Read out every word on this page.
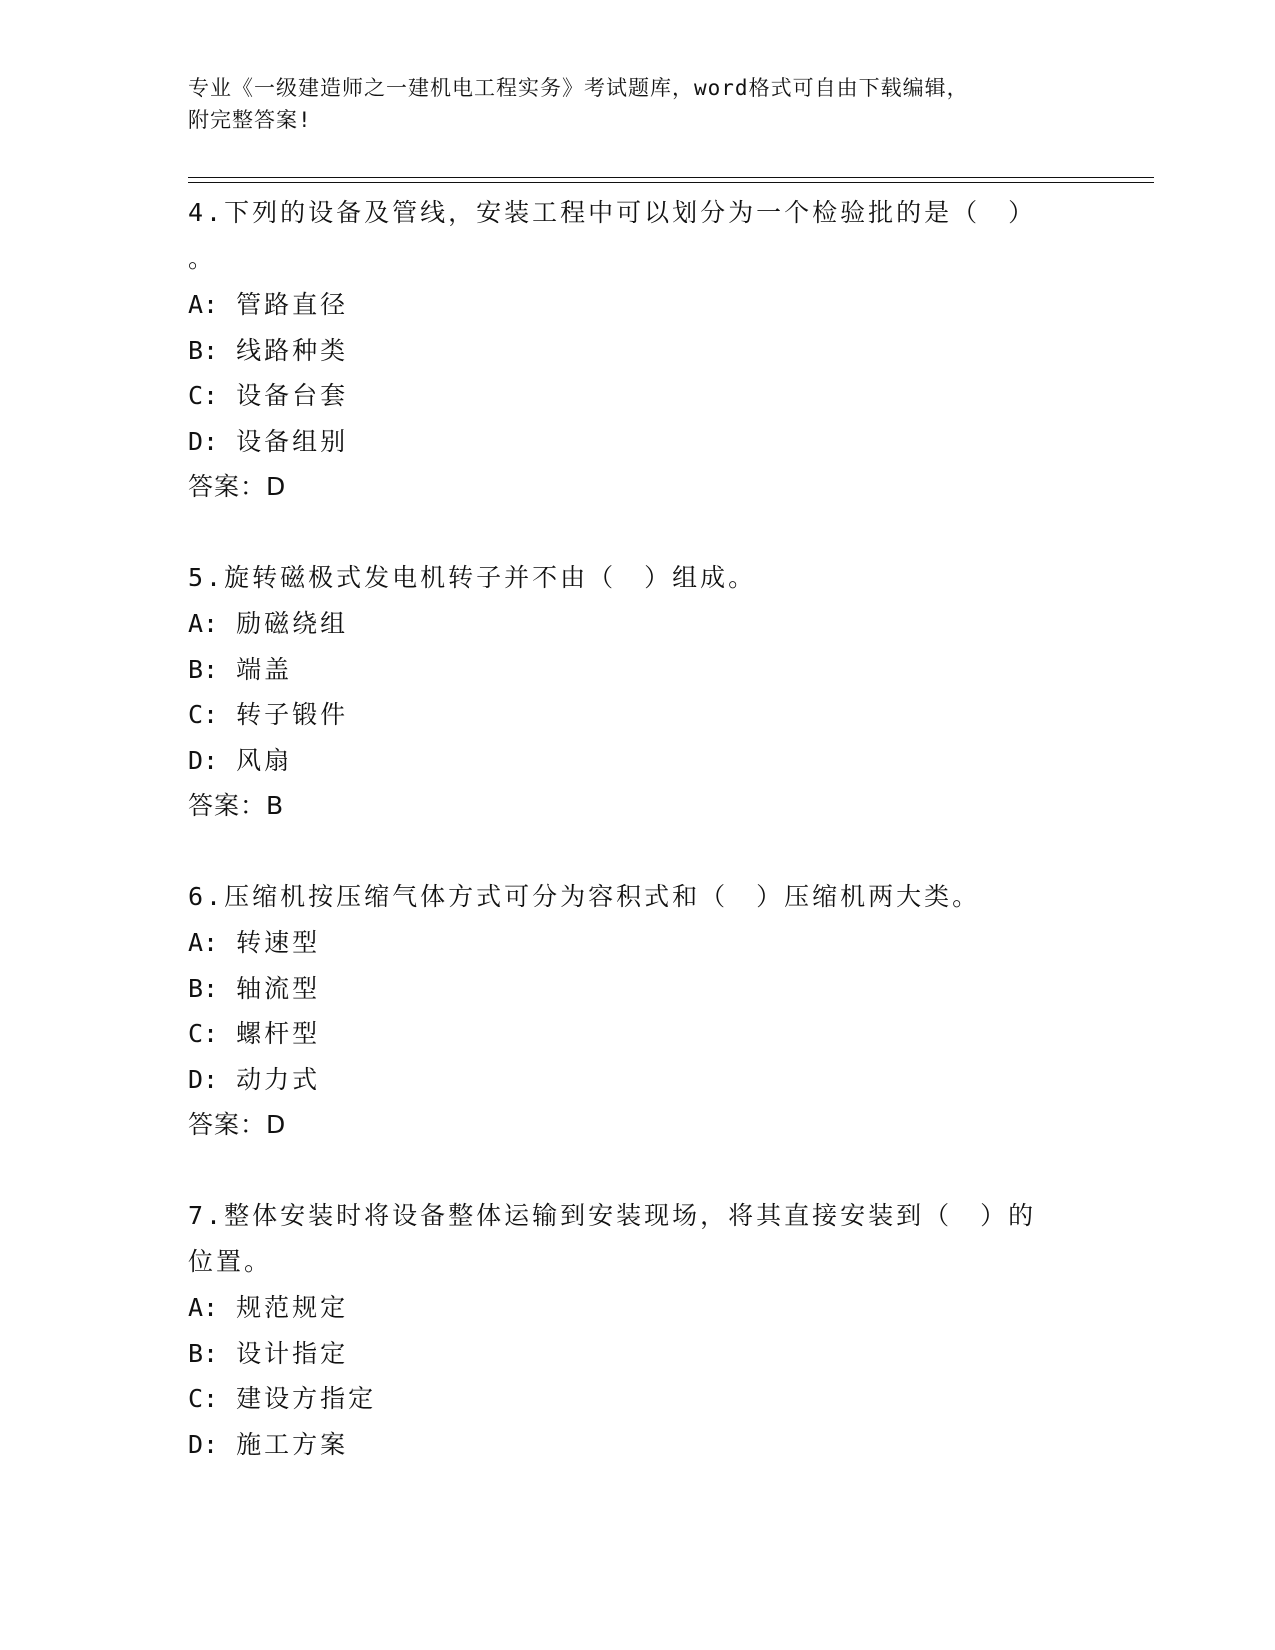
专业《一级建造师之一建机电工程实务》考试题库，word格式可自由下载编辑，
附完整答案!

4.下列的设备及管线，安装工程中可以划分为一个检验批的是（　）

。

A: 管路直径

B: 线路种类

C: 设备台套

D: 设备组别

答案：D

5.旋转磁极式发电机转子并不由（　）组成。

A: 励磁绕组

B: 端盖

C: 转子锻件

D: 风扇

答案：B

6.压缩机按压缩气体方式可分为容积式和（　）压缩机两大类。

A: 转速型

B: 轴流型

C: 螺杆型

D: 动力式

答案：D

7.整体安装时将设备整体运输到安装现场，将其直接安装到（　）的

位置。

A: 规范规定

B: 设计指定

C: 建设方指定

D: 施工方案
